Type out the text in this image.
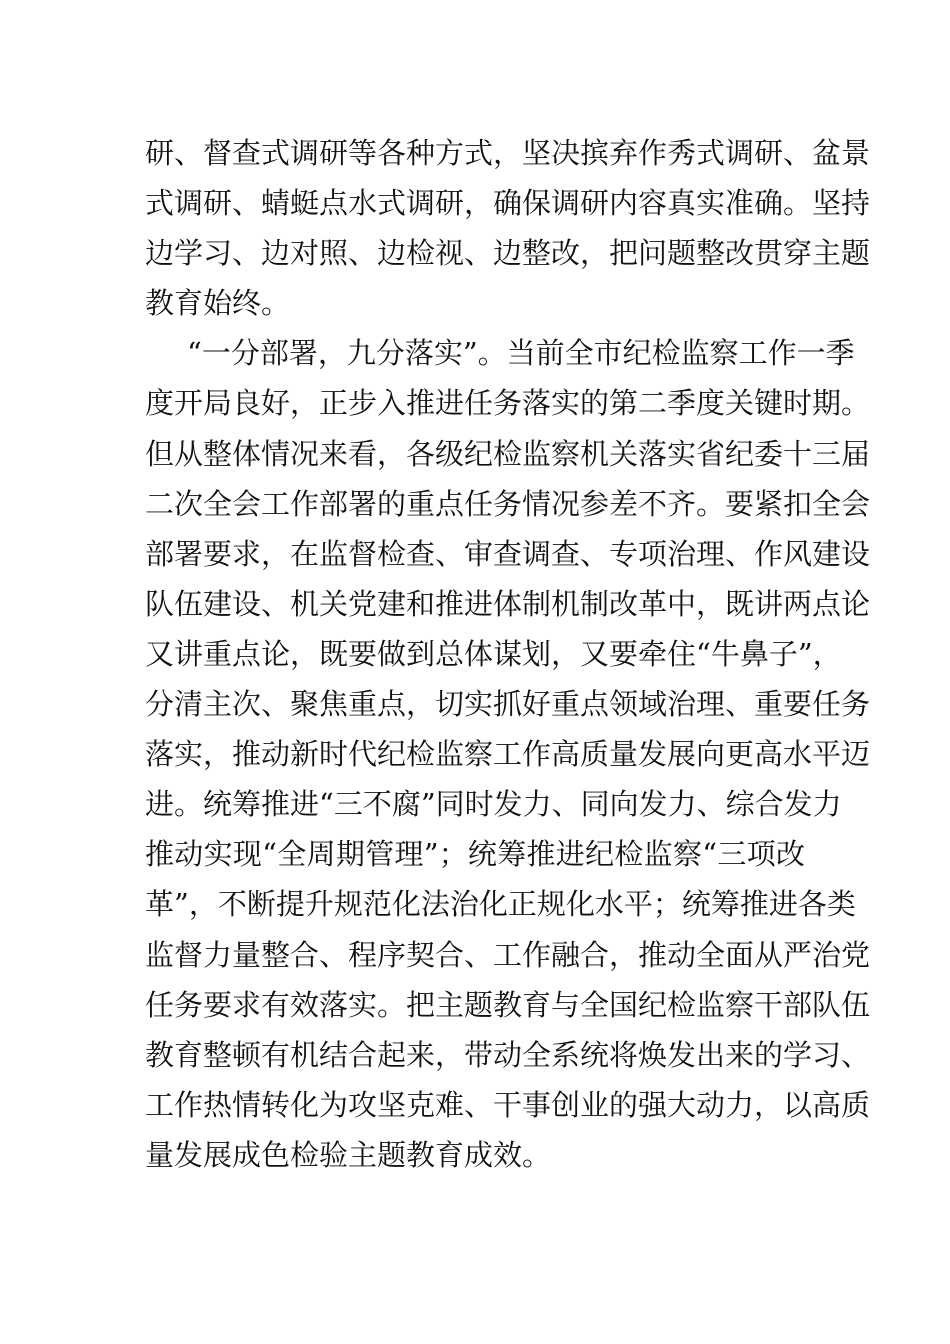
研、督查式调研等各种方式，坚决摈弃作秀式调研、盆景
式调研、蜻蜓点水式调研，确保调研内容真实准确。坚持
边学习、边对照、边检视、边整改，把问题整改贯穿主题
教育始终。
“一分部署，九分落实”。当前全市纪检监察工作一季
度开局良好，正步入推进任务落实的第二季度关键时期。
但从整体情况来看，各级纪检监察机关落实省纪委十三届
二次全会工作部署的重点任务情况参差不齐。要紧扣全会
部署要求，在监督检查、审查调查、专项治理、作风建设
队伍建设、机关党建和推进体制机制改革中，既讲两点论
又讲重点论，既要做到总体谋划，又要牵住“牛鼻子”，
分清主次、聚焦重点，切实抓好重点领域治理、重要任务
落实，推动新时代纪检监察工作高质量发展向更高水平迈
进。统筹推进“三不腐”同时发力、同向发力、综合发力
推动实现“全周期管理”；统筹推进纪检监察“三项改
革”，不断提升规范化法治化正规化水平；统筹推进各类
监督力量整合、程序契合、工作融合，推动全面从严治党
任务要求有效落实。把主题教育与全国纪检监察干部队伍
教育整顿有机结合起来，带动全系统将焕发出来的学习、
工作热情转化为攻坚克难、干事创业的强大动力，以高质
量发展成色检验主题教育成效。
